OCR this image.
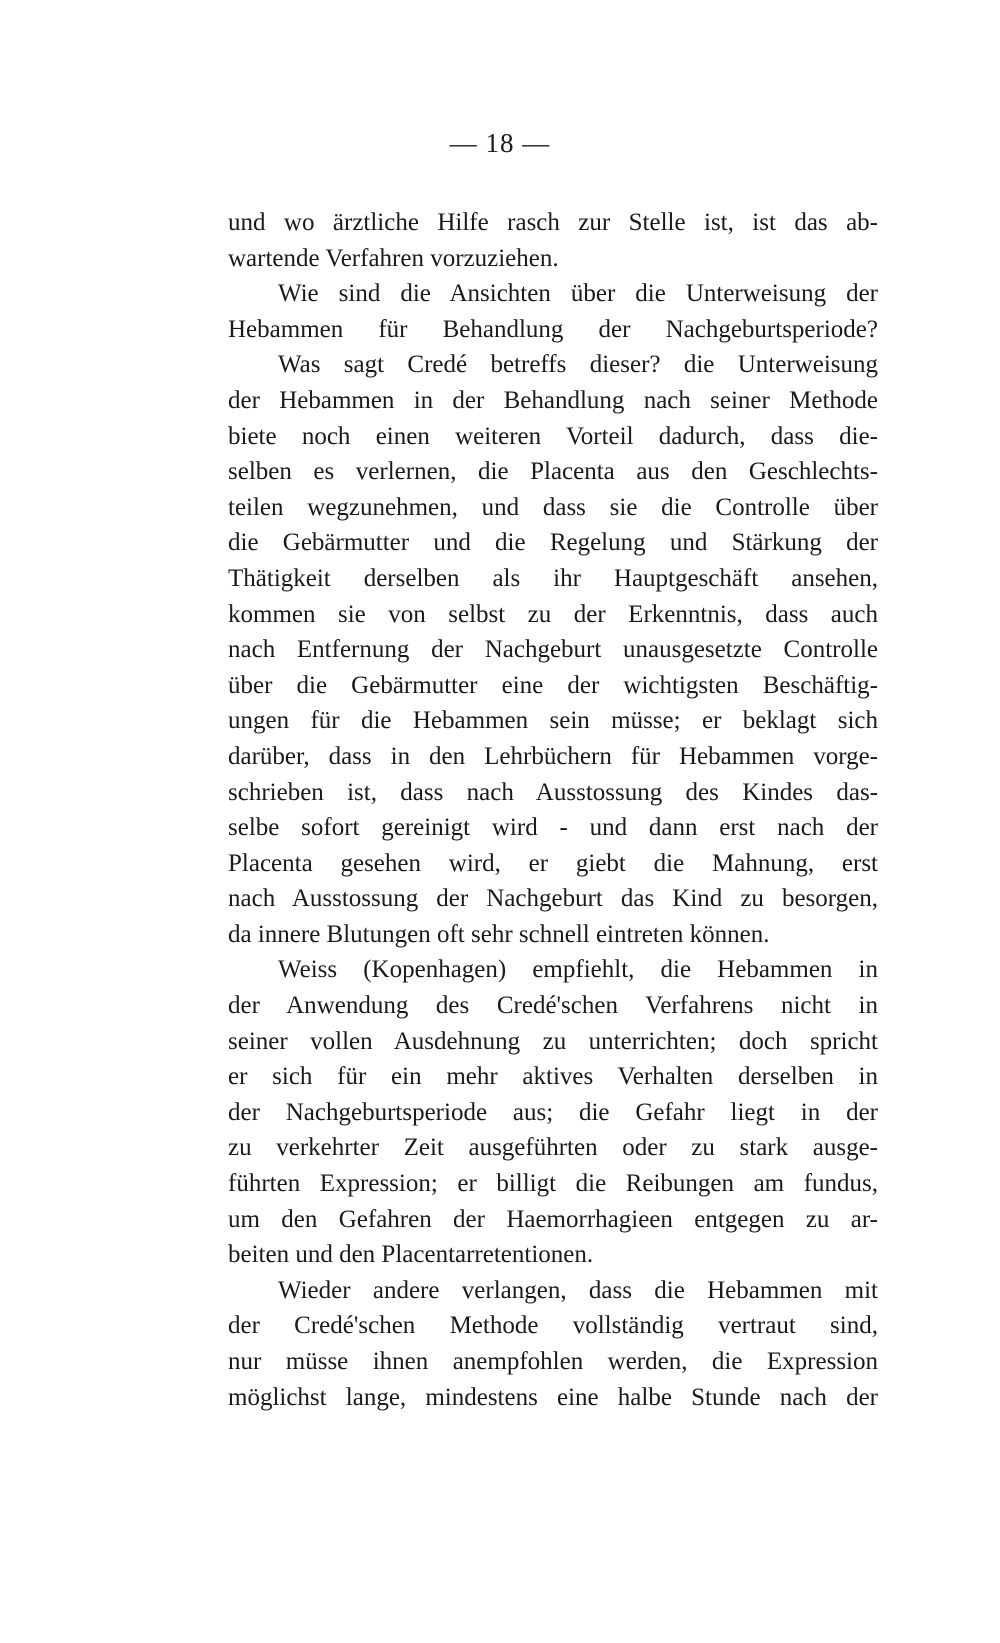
— 18 —
und wo ärztliche Hilfe rasch zur Stelle ist, ist das ab-
wartende Verfahren vorzuziehen.
Wie sind die Ansichten über die Unterweisung der
Hebammen für Behandlung der Nachgeburtsperiode?
Was sagt Credé betreffs dieser? die Unterweisung
der Hebammen in der Behandlung nach seiner Methode
biete noch einen weiteren Vorteil dadurch, dass die-
selben es verlernen, die Placenta aus den Geschlechts-
teilen wegzunehmen, und dass sie die Controlle über
die Gebärmutter und die Regelung und Stärkung der
Thätigkeit derselben als ihr Hauptgeschäft ansehen,
kommen sie von selbst zu der Erkenntnis, dass auch
nach Entfernung der Nachgeburt unausgesetzte Controlle
über die Gebärmutter eine der wichtigsten Beschäftig-
ungen für die Hebammen sein müsse; er beklagt sich
darüber, dass in den Lehrbüchern für Hebammen vorge-
schrieben ist, dass nach Ausstossung des Kindes das-
selbe sofort gereinigt wird - und dann erst nach der
Placenta gesehen wird, er giebt die Mahnung, erst
nach Ausstossung der Nachgeburt das Kind zu besorgen,
da innere Blutungen oft sehr schnell eintreten können.
Weiss (Kopenhagen) empfiehlt, die Hebammen in
der Anwendung des Credé'schen Verfahrens nicht in
seiner vollen Ausdehnung zu unterrichten; doch spricht
er sich für ein mehr aktives Verhalten derselben in
der Nachgeburtsperiode aus; die Gefahr liegt in der
zu verkehrter Zeit ausgeführten oder zu stark ausge-
führten Expression; er billigt die Reibungen am fundus,
um den Gefahren der Haemorrhagieen entgegen zu ar-
beiten und den Placentarretentionen.
Wieder andere verlangen, dass die Hebammen mit
der Credé'schen Methode vollständig vertraut sind,
nur müsse ihnen anempfohlen werden, die Expression
möglichst lange, mindestens eine halbe Stunde nach der
